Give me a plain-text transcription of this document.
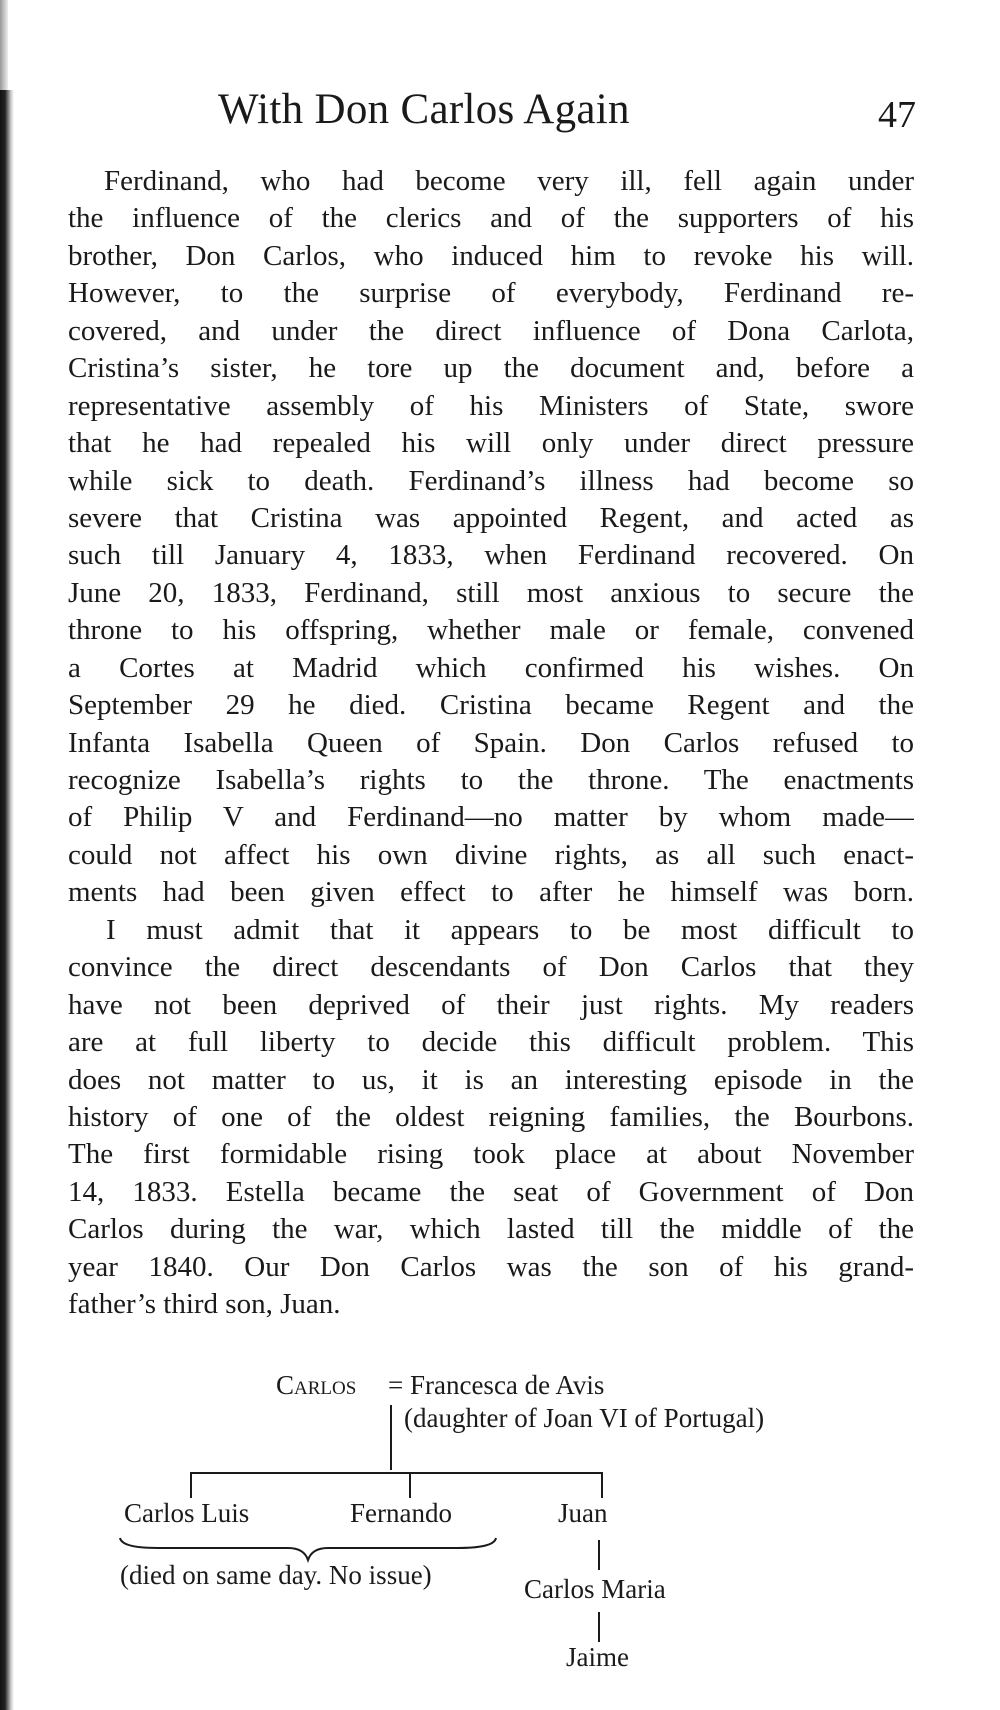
With Don Carlos Again	47
Ferdinand, who had become very ill, fell again under
the influence of the clerics and of the supporters of his
brother, Don Carlos, who induced him to revoke his will.
However, to the surprise of everybody, Ferdinand re-
covered, and under the direct influence of Dona Carlota,
Cristina’s sister, he tore up the document and, before a
representative assembly of his Ministers of State, swore
that he had repealed his will only under direct pressure
while sick to death. Ferdinand’s illness had become so
severe that Cristina was appointed Regent, and acted as
such till January 4, 1833, when Ferdinand recovered. On
June 20, 1833, Ferdinand, still most anxious to secure the
throne to his offspring, whether male or female, convened
a Cortes at Madrid which confirmed his wishes. On
September 29 he died. Cristina became Regent and the
Infanta Isabella Queen of Spain. Don Carlos refused to
recognize Isabella’s rights to the throne. The enactments
of Philip V and Ferdinand—no matter by whom made—
could not affect his own divine rights, as all such enact-
ments had been given effect to after he himself was born.
I must admit that it appears to be most difficult to
convince the direct descendants of Don Carlos that they
have not been deprived of their just rights. My readers
are at full liberty to decide this difficult problem. This
does not matter to us, it is an interesting episode in the
history of one of the oldest reigning families, the Bourbons.
The first formidable rising took place at about November
14, 1833. Estella became the seat of Government of Don
Carlos during the war, which lasted till the middle of the
year 1840. Our Don Carlos was the son of his grand-
father’s third son, Juan.
Carlos = Francesca de Avis
(daughter of Joan VI of Portugal)
Carlos Luis	Fernando	Juan
(died on same day. No issue)	Carlos Maria
Jaime
